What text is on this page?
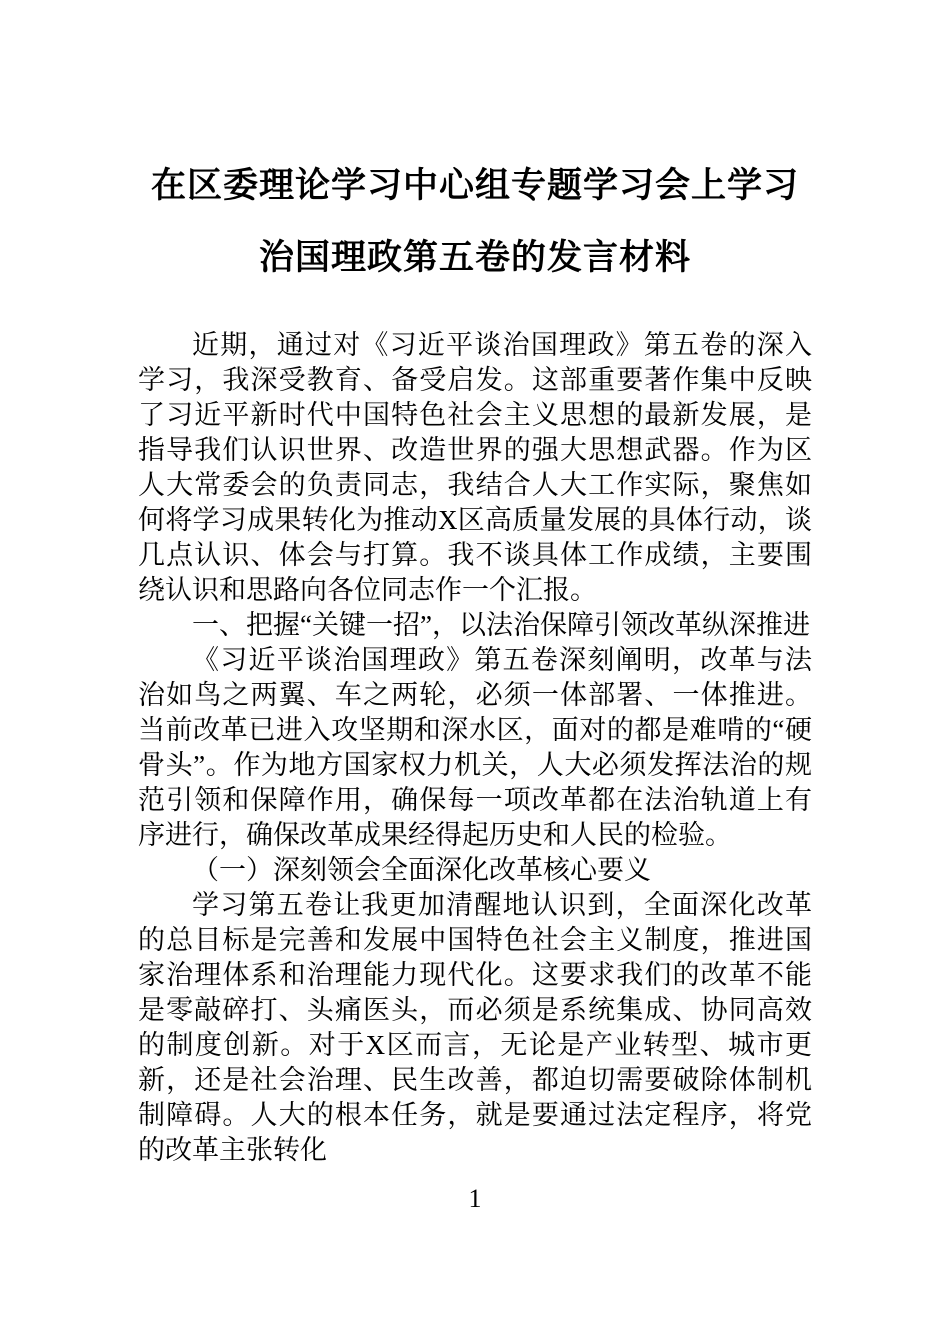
在区委理论学习中心组专题学习会上学习
治国理政第五卷的发言材料

近期，通过对《习近平谈治国理政》第五卷的深入学习，我深受教育、备受启发。这部重要著作集中反映了习近平新时代中国特色社会主义思想的最新发展，是指导我们认识世界、改造世界的强大思想武器。作为区人大常委会的负责同志，我结合人大工作实际，聚焦如何将学习成果转化为推动X区高质量发展的具体行动，谈几点认识、体会与打算。我不谈具体工作成绩，主要围绕认识和思路向各位同志作一个汇报。

一、把握“关键一招”，以法治保障引领改革纵深推进

《习近平谈治国理政》第五卷深刻阐明，改革与法治如鸟之两翼、车之两轮，必须一体部署、一体推进。当前改革已进入攻坚期和深水区，面对的都是难啃的“硬骨头”。作为地方国家权力机关，人大必须发挥法治的规范引领和保障作用，确保每一项改革都在法治轨道上有序进行，确保改革成果经得起历史和人民的检验。

（一）深刻领会全面深化改革核心要义

学习第五卷让我更加清醒地认识到，全面深化改革的总目标是完善和发展中国特色社会主义制度，推进国家治理体系和治理能力现代化。这要求我们的改革不能是零敲碎打、头痛医头，而必须是系统集成、协同高效的制度创新。对于X区而言，无论是产业转型、城市更新，还是社会治理、民生改善，都迫切需要破除体制机制障碍。人大的根本任务，就是要通过法定程序，将党的改革主张转化

1
